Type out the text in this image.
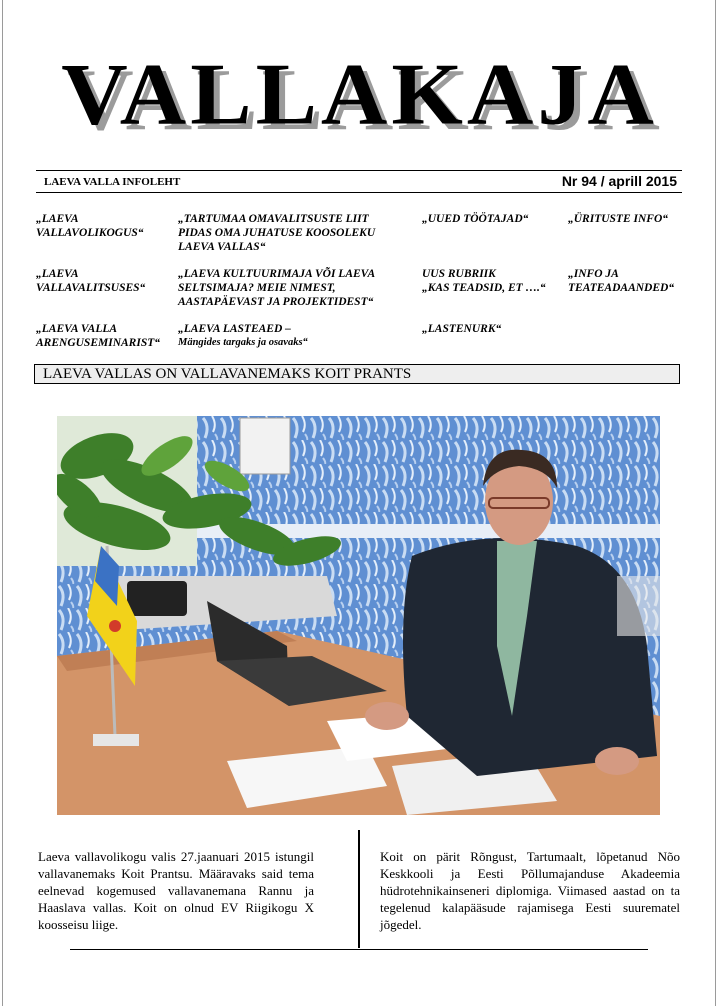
VALLAKAJA
LAEVA VALLA INFOLEHT	Nr 94 / aprill 2015
„LAEVA
VALLAVOLIKOGUS“
„TARTUMAA OMAVALITSUSTE LIIT
PIDAS OMA JUHATUSE KOOSOLEKU
LAEVA VALLAS“
„UUED TÖÖTAJAD“	„ÜRITUSTE INFO“
„LAEVA
VALLAVALITSUSES“
„LAEVA KULTUURIMAJA VÕI LAEVA
SELTSIMAJA? MEIE NIMEST,
AASTAPÄEVAST JA PROJEKTIDEST“
UUS RUBRIIK
„KAS TEADSID, ET ….“
„INFO JA
TEATEADAANDED“
„LAEVA VALLA
ARENGUSEMINARIST“
„LAEVA LASTEAED –
Mängides targaks ja osavaks“
„LASTENURK“
LAEVA VALLAS ON VALLAVANEMAKS KOIT PRANTS
Laeva vallavolikogu valis 27.jaanuari 2015 istungil vallavanemaks Koit Prantsu. Määravaks said tema eelnevad kogemused vallavanemana Rannu ja Haaslava vallas. Koit on olnud EV Riigikogu X koosseisu liige.
Koit on pärit Rõngust, Tartumaalt, lõpetanud Nõo Keskkooli ja Eesti Põllumajanduse Akadeemia hüdrotehnikainseneri diplomiga. Viimased aastad on ta tegelenud kalapääsude rajamisega Eesti suurematel jõgedel.
